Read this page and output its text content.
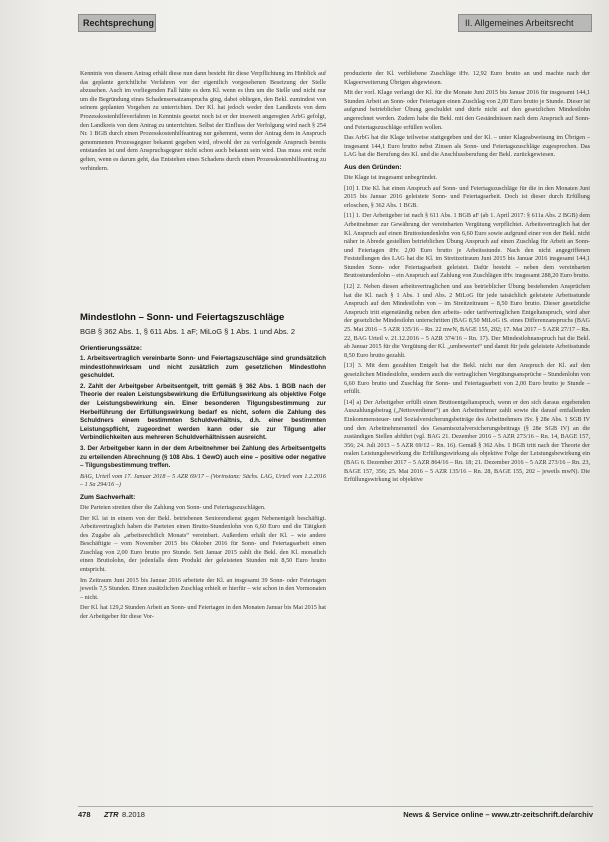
Rechtsprechung	II. Allgemeines Arbeitsrecht

Kenntnis von diesem Antrag erhält diese nun dann besteht für diese Verpflichtung im Hinblick auf das geplante gerichtliche Verfahren vor der eigentlich vorgesehenen Besetzung der Stelle abzusehen. Auch im vorliegenden Fall hätte es dem Kl. wenn es ihm um die Stelle und nicht nur um die Begründung eines Schadensersatzanspruchs ging, dabei obliegen, den Bekl. zumindest von seinem geplanten Vorgehen zu unterrichten. Der Kl. hat jedoch weder den Landkreis von dem Prozesskostenhilfeverfahren in Kenntnis gesetzt noch ist er der insoweit angeregten ArbG gefolgt, den Landkreis von dem Antrag zu unterrichten. Selbst der Einfluss der Verfolgung wird nach § 254 Nr. 1 BGB durch einen Prozesskostenhilfeantrag nur gehemmt, wenn der Antrag dem in Anspruch genommenen Prozessgegner bekannt gegeben wird, obwohl der zu verfolgende Anspruch bereits entstanden ist und dem Anspruchsgegner nicht schon auch bekannt sein wird. Das muss erst recht gelten, wenn es darum geht, das Entstehen eines Schadens durch einen Prozesskostenhilfeantrag zu verhindern.

Mindestlohn – Sonn- und Feiertagszuschläge
BGB § 362 Abs. 1, § 611 Abs. 1 aF; MiLoG § 1 Abs. 1 und Abs. 2
Orientierungssätze:

1. Arbeitsvertraglich vereinbarte Sonn- und Feiertagszuschläge sind grundsätzlich mindestlohnwirksam und nicht zusätzlich zum gesetzlichen Mindestlohn geschuldet.

2. Zahlt der Arbeitgeber Arbeitsentgelt, tritt gemäß § 362 Abs. 1 BGB nach der Theorie der realen Leistungsbewirkung die Erfüllungswirkung als objektive Folge der Leistungsbewirkung ein. Einer besonderen Tilgungsbestimmung zur Herbeiführung der Erfüllungswirkung bedarf es nicht, sofern die Zahlung des Schuldners einem bestimmten Schuldverhältnis, d.h. einer bestimmten Leistungspflicht, zugeordnet werden kann oder sie zur Tilgung aller Verbindlichkeiten aus mehreren Schuldverhältnissen ausreicht.

3. Der Arbeitgeber kann in der dem Arbeitnehmer bei Zahlung des Arbeitsentgelts zu erteilenden Abrechnung (§ 108 Abs. 1 GewO) auch eine – positive oder negative – Tilgungsbestimmung treffen.

BAG, Urteil vom 17. Januar 2018 – 5 AZR 69/17 – (Vorinstanz: Sächs. LAG, Urteil vom 1.2.2016 – 1 Sa 294/16 –)

Zum Sachverhalt:

Die Parteien streiten über die Zahlung von Sonn- und Feiertagszuschlägen.

Der Kl. ist in einem von der Bekl. betriebenen Seniorendienst gegen Nebenentgelt beschäftigt. Arbeitsvertraglich haben die Parteien einen Brutto-Stundenlohn von 6,60 Euro und die Tätigkeit des Zugabe als „arbeitsrechtlich Monats“ vereinbart. Außerdem erhält der Kl. – wie andere Beschäftigte – vom November 2015 bis Oktober 2016 für Sonn- und Feiertagsarbeit einen Zuschlag von 2,00 Euro brutto pro Stunde. Seit Januar 2015 zahlt die Bekl. den Kl. monatlich einen Bruttolohn, der jedenfalls dem Produkt der geleisteten Stunden mit 8,50 Euro brutto entspricht.

Im Zeitraum Juni 2015 bis Januar 2016 arbeitete der Kl. an insgesamt 39 Sonn- oder Feiertagen jeweils 7,5 Stunden. Einen zusätzlichen Zuschlag erhielt er hierfür – wie schon in den Vormonaten – nicht.

Der Kl. hat 129,2 Stunden Arbeit an Sonn- und Feiertagen in den Monaten Januar bis Mai 2015 hat der Arbeitgeber für diese Vor-

produzierte der Kl. verbliebene Zuschläge iHv. 12,92 Euro brutto an und machte nach der Klageerweiterung Übrigen abgewiesen.

Mit der vorl. Klage verlangt der Kl. für die Monate Juni 2015 bis Januar 2016 für insgesamt 144,1 Stunden Arbeit an Sonn- oder Feiertagen einen Zuschlag von 2,00 Euro brutto je Stunde. Dieser ist aufgrund betrieblicher Übung geschuldet und dürfe nicht auf den gesetzlichen Mindestlohn angerechnet werden. Zudem habe die Bekl. mit den Geständnissen nach dem Anspruch auf Sonn- und Feiertagszuschläge erfüllen wollen.

Das ArbG hat die Klage teilweise stattgegeben und der Kl. – unter Klageabweisung im Übrigen – insgesamt 144,1 Euro brutto nebst Zinsen als Sonn- und Feiertagszuschläge zugesprochen. Das LAG hat die Berufung des Kl. und die Anschlussberufung der Bekl. zurückgewiesen.

Aus den Gründen:

Die Klage ist insgesamt unbegründet.

[10] I. Die Kl. hat einen Anspruch auf Sonn- und Feiertagszuschläge für die in den Monaten Juni 2015 bis Januar 2016 geleistete Sonn- und Feiertagsarbeit. Doch ist dieser durch Erfüllung erloschen, § 362 Abs. 1 BGB.

[11] 1. Der Arbeitgeber ist nach § 611 Abs. 1 BGB aF (ab 1. April 2017: § 611a Abs. 2 BGB) dem Arbeitnehmer zur Gewährung der vereinbarten Vergütung verpflichtet. Arbeitsvertraglich hat der Kl. Anspruch auf einen Bruttostundenlohn von 6,60 Euro sowie aufgrund einer von der Bekl. nicht näher in Abrede gestellten betrieblichen Übung Anspruch auf einen Zuschlag für Arbeit an Sonn- und Feiertagen iHv. 2,00 Euro brutto je Arbeitsstunde. Nach den nicht angegriffenen Feststellungen des LAG hat die Kl. im Streitzeitraum Juni 2015 bis Januar 2016 insgesamt 144,1 Stunden Sonn- oder Feiertagsarbeit geleistet. Dafür besteht – neben dem vereinbarten Bruttostundenlohn – ein Anspruch auf Zahlung von Zuschlägen iHv. insgesamt 288,20 Euro brutto.

[12] 2. Neben diesen arbeitsvertraglichen und aus betrieblicher Übung bestehenden Ansprüchen hat die Kl. nach § 1 Abs. 1 und Abs. 2 MiLoG für jede tatsächlich geleistete Arbeitsstunde Anspruch auf den Mindestlohn von – im Streitzeitraum – 8,50 Euro brutto. Dieser gesetzliche Anspruch tritt eigenständig neben den arbeits- oder tarifvertraglichen Entgeltanspruch, wird aber der gesetzliche Mindestlohn unterschritten (BAG 8,50 MiLoG iS. eines Differenzanspruchs (BAG 25. Mai 2016 – 5 AZR 135/16 – Rn. 22 mwN, BAGE 155, 202; 17. Mai 2017 – 5 AZR 27/17 – Rn. 22, BAG Urteil v. 21.12.2016 – 5 AZR 374/16 – Rn. 17). Der Mindestlohnanspruch hat die Bekl. ab Januar 2015 für die Vergütung der Kl. „umbewertet“ und damit für jede geleistete Arbeitsstunde 8,50 Euro brutto gezahlt.

[13] 3. Mit dem gezahlten Entgelt hat die Bekl. nicht nur den Anspruch der Kl. auf den gesetzlichen Mindestlohn, sondern auch die vertraglichen Vergütungsansprüche – Stundenlohn von 6,60 Euro brutto und Zuschlag für Sonn- und Feiertagsarbeit von 2,00 Euro brutto je Stunde – erfüllt.

[14] a) Der Arbeitgeber erfüllt einen Bruttoentgeltanspruch, wenn er den sich daraus ergebenden Auszahlungsbetrag („Nettoverdienst“) an den Arbeitnehmer zahlt sowie die darauf entfallenden Einkommensteuer- und Sozialversicherungsbeiträge des Arbeitnehmers iSv. § 28e Abs. 1 SGB IV und den Arbeitnehmeranteil des Gesamtsozialversicherungsbeitrags (§ 28e SGB IV) an die zuständigen Stellen abführt (vgl. BAG 21. Dezember 2016 – 5 AZR 273/16 – Rn. 14, BAGE 157, 356; 24. Juli 2013 – 5 AZR 69/12 – Rn. 16). Gemäß § 362 Abs. 1 BGB tritt nach der Theorie der realen Leistungsbewirkung die Erfüllungswirkung als objektive Folge der Leistungsbewirkung ein (BAG 6. Dezember 2017 – 5 AZR 864/16 – Rn. 18; 21. Dezember 2016 – 5 AZR 273/16 – Rn. 23, BAGE 157, 356; 25. Mai 2016 – 5 AZR 135/16 – Rn. 28, BAGE 155, 202 – jeweils mwN). Die Erfüllungswirkung ist objektive

478 ZTR 8.2018	News & Service online – www.ztr-zeitschrift.de/archiv
